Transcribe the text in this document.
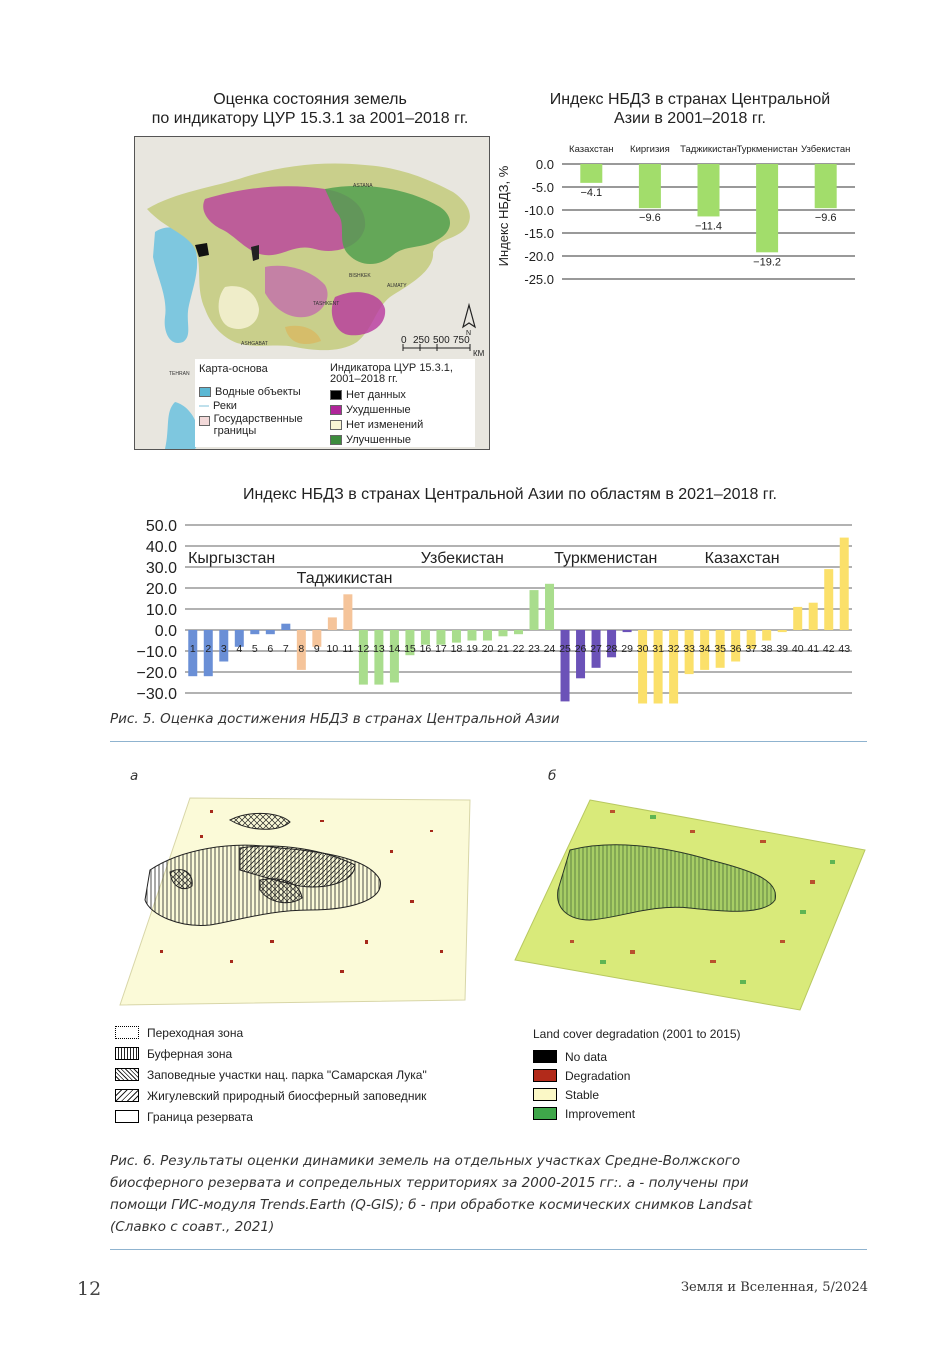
Оценка состояния земель
по индикатору ЦУР 15.3.1 за 2001–2018 гг.
ASTANA
ALMATY
TASHKENT
ASHGABAT
TEHRAN
BISHKEK
N
0 250 500 750
КМ
Карта-основа
Водные объекты
Реки
Государственные границы
Индикатора ЦУР 15.3.1, 2001–2018 гг.
Нет данных
Ухудшенные
Нет изменений
Улучшенные
Индекс НБДЗ в странах Центральной Азии в 2001–2018 гг.
Индекс НБДЗ, %
0.0
-5.0
-10.0
-15.0
-20.0
-25.0
Казахстан
−4.1
Киргизия
−9.6
Таджикистан
−11.4
Туркменистан
−19.2
Узбекистан
−9.6
Индекс НБДЗ в странах Центральной Азии по областям в 2021–2018 гг.
50.0
40.0
30.0
20.0
10.0
0.0
−10.0
−20.0
−30.0
1 2 3 4 5 6 7 8 9 10 11 12 13 14 15 16 17 18 19 20 21 22 23 24 25 26 27 28 29 30 31 32 33 34 35 36 37 38 39 40 41 42 43
Кыргызстан
Таджикистан
Узбекистан	Туркменистан	Казахстан
Рис. 5. Оценка достижения НБДЗ в странах Центральной Азии
а	б
Переходная зона
Буферная зона
Заповедные участки нац. парка "Самарская Лука"
Жигулевский природный биосферный заповедник
Граница резервата
Land cover degradation (2001 to 2015)
No data
Degradation
Stable
Improvement
Рис. 6. Результаты оценки динамики земель на отдельных участках Средне-Волжского
биосферного резервата и сопредельных территориях за 2000-2015 гг:. а - получены при
помощи ГИС-модуля Trends.Earth (Q-GIS); б - при обработке космических снимков Landsat
(Славко с соавт., 2021)
12	Земля и Вселенная, 5/2024
